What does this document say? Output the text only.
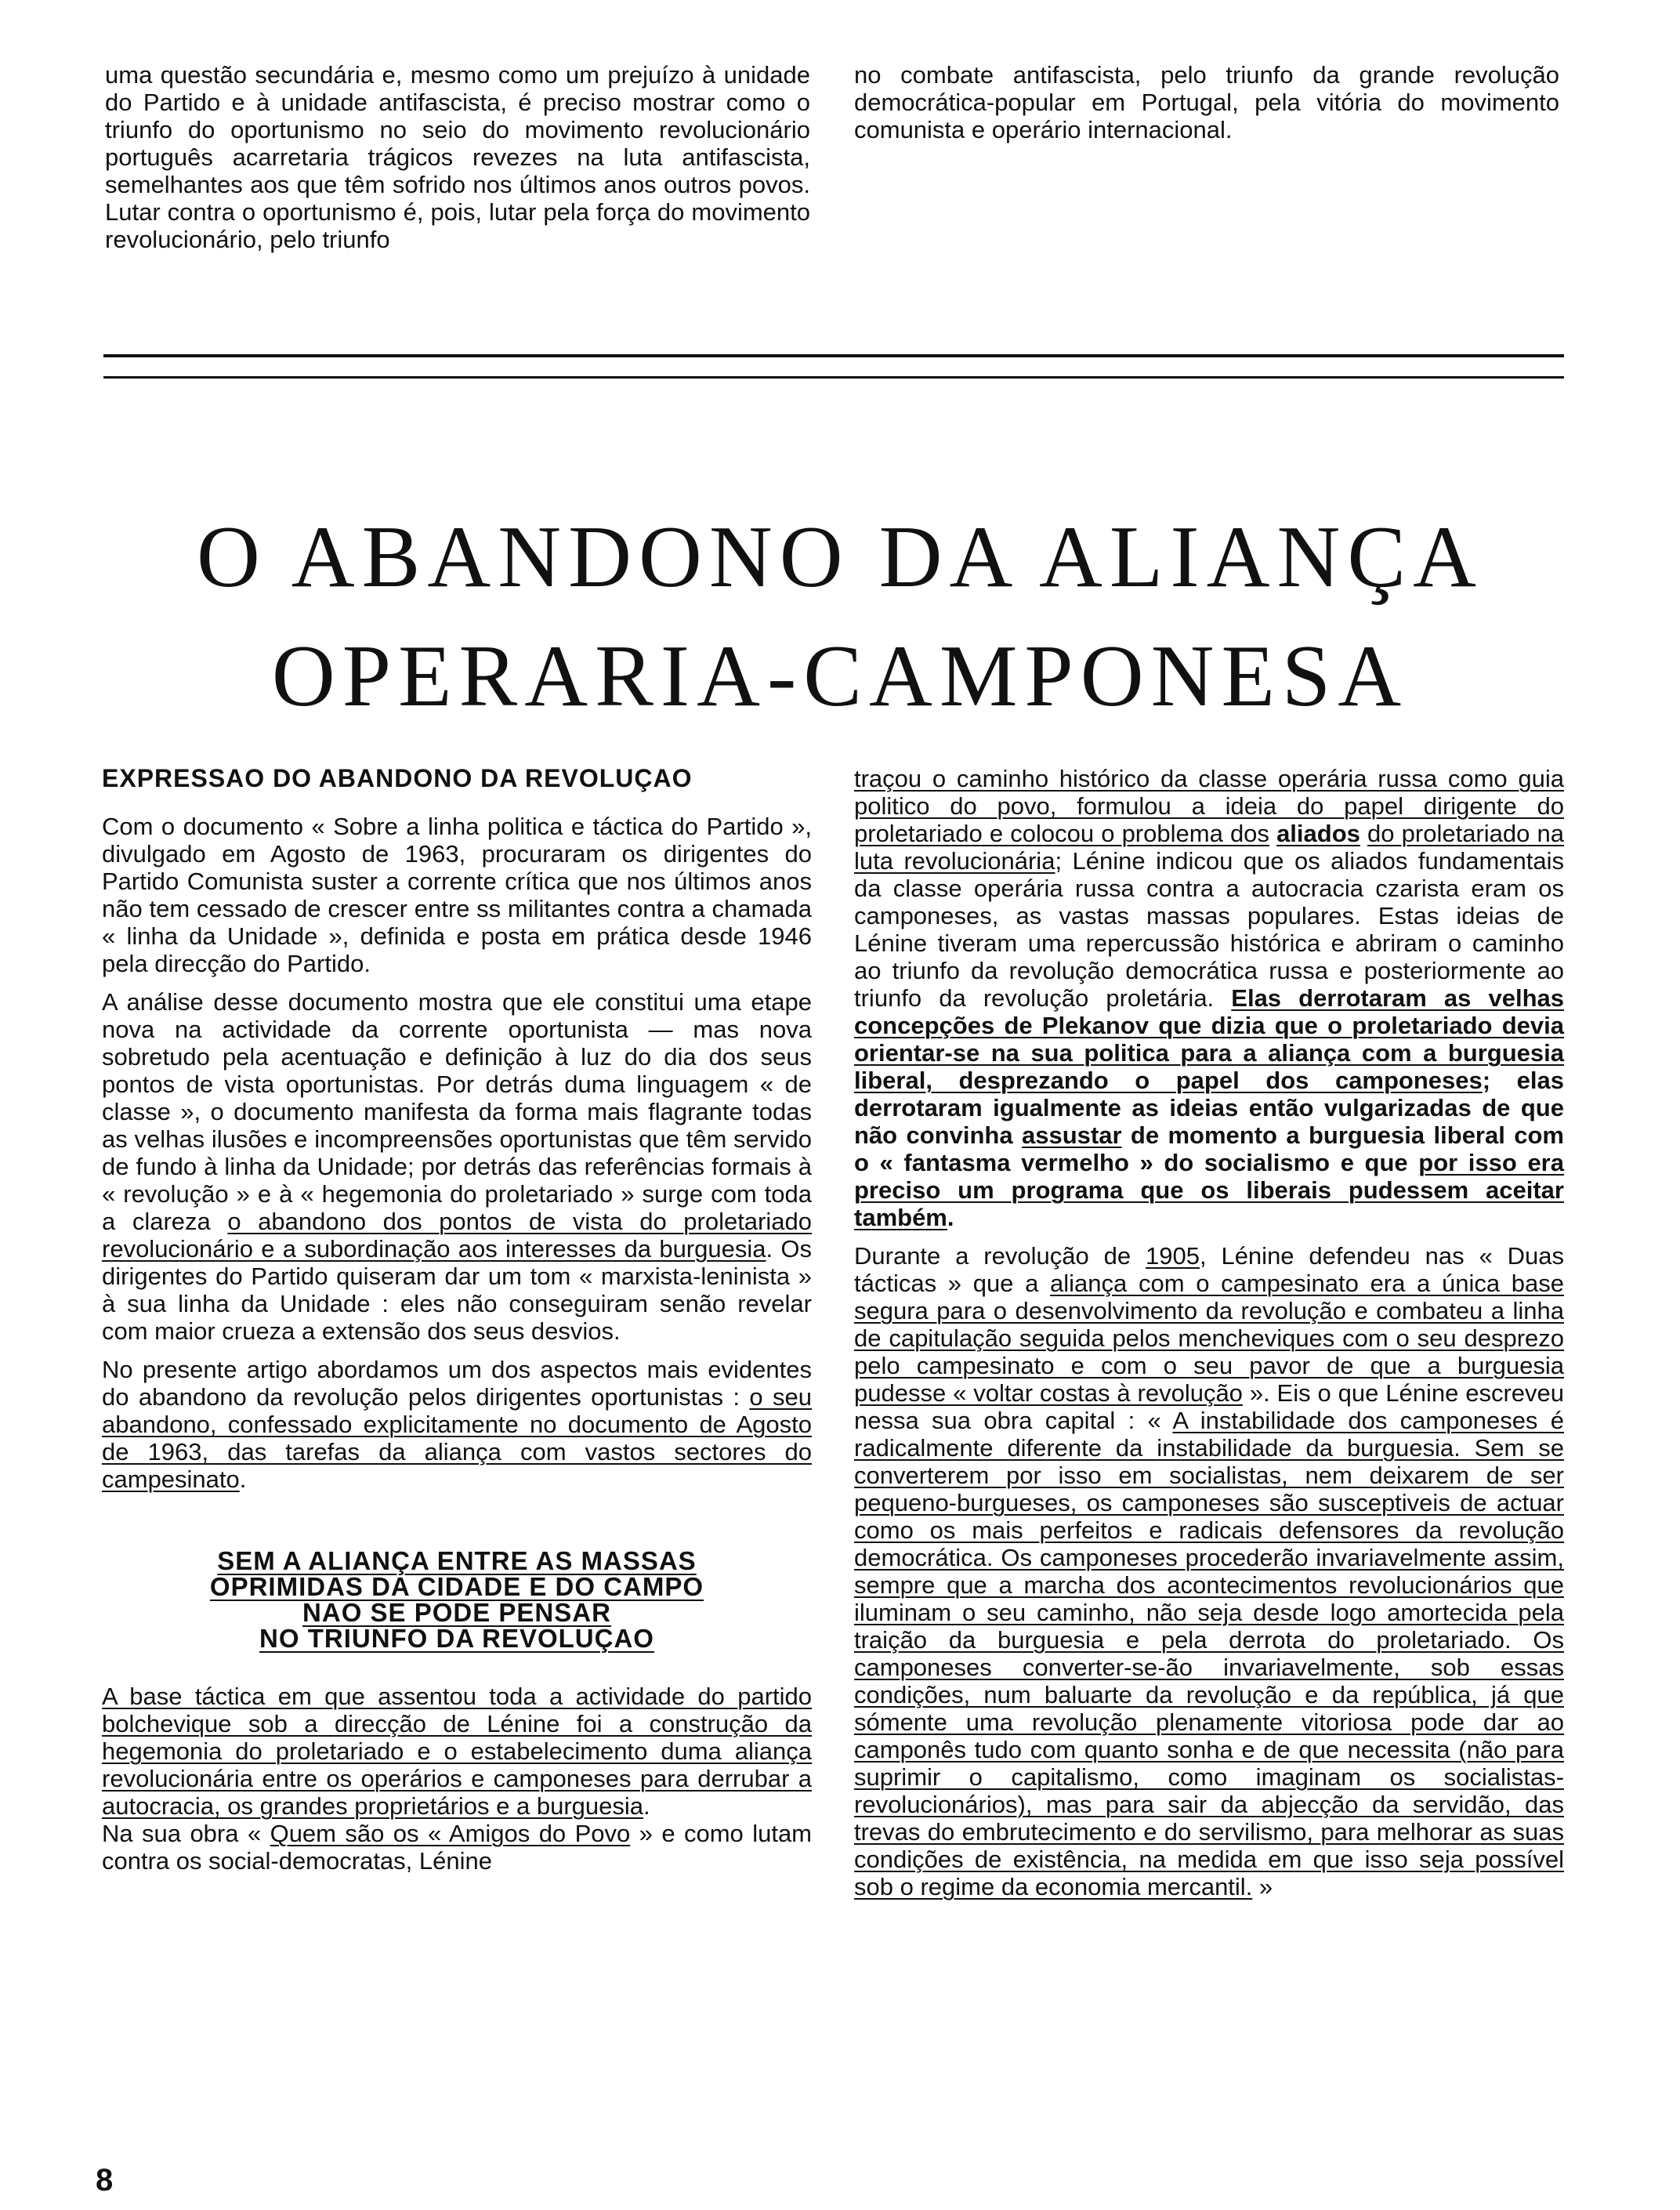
uma questão secundária e, mesmo como um prejuízo à unidade do Partido e à unidade antifascista, é preciso mostrar como o triunfo do oportunismo no seio do movimento revolucionário português acarretaria trágicos revezes na luta antifascista, semelhantes aos que têm sofrido nos últimos anos outros povos. Lutar contra o oportunismo é, pois, lutar pela força do movimento revolucionário, pelo triunfo

no combate antifascista, pelo triunfo da grande revolução democrática-popular em Portugal, pela vitória do movimento comunista e operário internacional.

O ABANDONO DA ALIANÇA
OPERARIA-CAMPONESA
EXPRESSAO DO ABANDONO DA REVOLUÇAO

Com o documento « Sobre a linha politica e táctica do Partido », divulgado em Agosto de 1963, procuraram os dirigentes do Partido Comunista suster a corrente crítica que nos últimos anos não tem cessado de crescer entre ss militantes contra a chamada « linha da Unidade », definida e posta em prática desde 1946 pela direcção do Partido.

A análise desse documento mostra que ele constitui uma etape nova na actividade da corrente oportunista — mas nova sobretudo pela acentuação e definição à luz do dia dos seus pontos de vista oportunistas. Por detrás duma linguagem « de classe », o documento manifesta da forma mais flagrante todas as velhas ilusões e incompreensões oportunistas que têm servido de fundo à linha da Unidade; por detrás das referências formais à « revolução » e à « hegemonia do proletariado » surge com toda a clareza o abandono dos pontos de vista do proletariado revolucionário e a subordinação aos interesses da burguesia. Os dirigentes do Partido quiseram dar um tom « marxista-leninista » à sua linha da Unidade : eles não conseguiram senão revelar com maior crueza a extensão dos seus desvios.

No presente artigo abordamos um dos aspectos mais evidentes do abandono da revolução pelos dirigentes oportunistas : o seu abandono, confessado explicitamente no documento de Agosto de 1963, das tarefas da aliança com vastos sectores do campesinato.

SEM A ALIANÇA ENTRE AS MASSAS
OPRIMIDAS DA CIDADE E DO CAMPO
NAO SE PODE PENSAR
NO TRIUNFO DA REVOLUÇAO

A base táctica em que assentou toda a actividade do partido bolchevique sob a direcção de Lénine foi a construção da hegemonia do proletariado e o estabelecimento duma aliança revolucionária entre os operários e camponeses para derrubar a autocracia, os grandes proprietários e a burguesia.

Na sua obra « Quem são os « Amigos do Povo » e como lutam contra os social-democratas, Lénine

traçou o caminho histórico da classe operária russa como guia politico do povo, formulou a ideia do papel dirigente do proletariado e colocou o problema dos aliados do proletariado na luta revolucionária; Lénine indicou que os aliados fundamentais da classe operária russa contra a autocracia czarista eram os camponeses, as vastas massas populares. Estas ideias de Lénine tiveram uma repercussão histórica e abriram o caminho ao triunfo da revolução democrática russa e posteriormente ao triunfo da revolução proletária. Elas derrotaram as velhas concepções de Plekanov que dizia que o proletariado devia orientar-se na sua politica para a aliança com a burguesia liberal, desprezando o papel dos camponeses; elas derrotaram igualmente as ideias então vulgarizadas de que não convinha assustar de momento a burguesia liberal com o « fantasma vermelho » do socialismo e que por isso era preciso um programa que os liberais pudessem aceitar também.

Durante a revolução de 1905, Lénine defendeu nas « Duas tácticas » que a aliança com o campesinato era a única base segura para o desenvolvimento da revolução e combateu a linha de capitulação seguida pelos mencheviques com o seu desprezo pelo campesinato e com o seu pavor de que a burguesia pudesse « voltar costas à revolução ». Eis o que Lénine escreveu nessa sua obra capital : « A instabilidade dos camponeses é radicalmente diferente da instabilidade da burguesia. Sem se converterem por isso em socialistas, nem deixarem de ser pequeno-burgueses, os camponeses são susceptiveis de actuar como os mais perfeitos e radicais defensores da revolução democrática. Os camponeses procederão invariavelmente assim, sempre que a marcha dos acontecimentos revolucionários que iluminam o seu caminho, não seja desde logo amortecida pela traição da burguesia e pela derrota do proletariado. Os camponeses converter-se-ão invariavelmente, sob essas condições, num baluarte da revolução e da república, já que sómente uma revolução plenamente vitoriosa pode dar ao camponês tudo com quanto sonha e de que necessita (não para suprimir o capitalismo, como imaginam os socialistas-revolucionários), mas para sair da abjecção da servidão, das trevas do embrutecimento e do servilismo, para melhorar as suas condições de existência, na medida em que isso seja possível sob o regime da economia mercantil. »

8
